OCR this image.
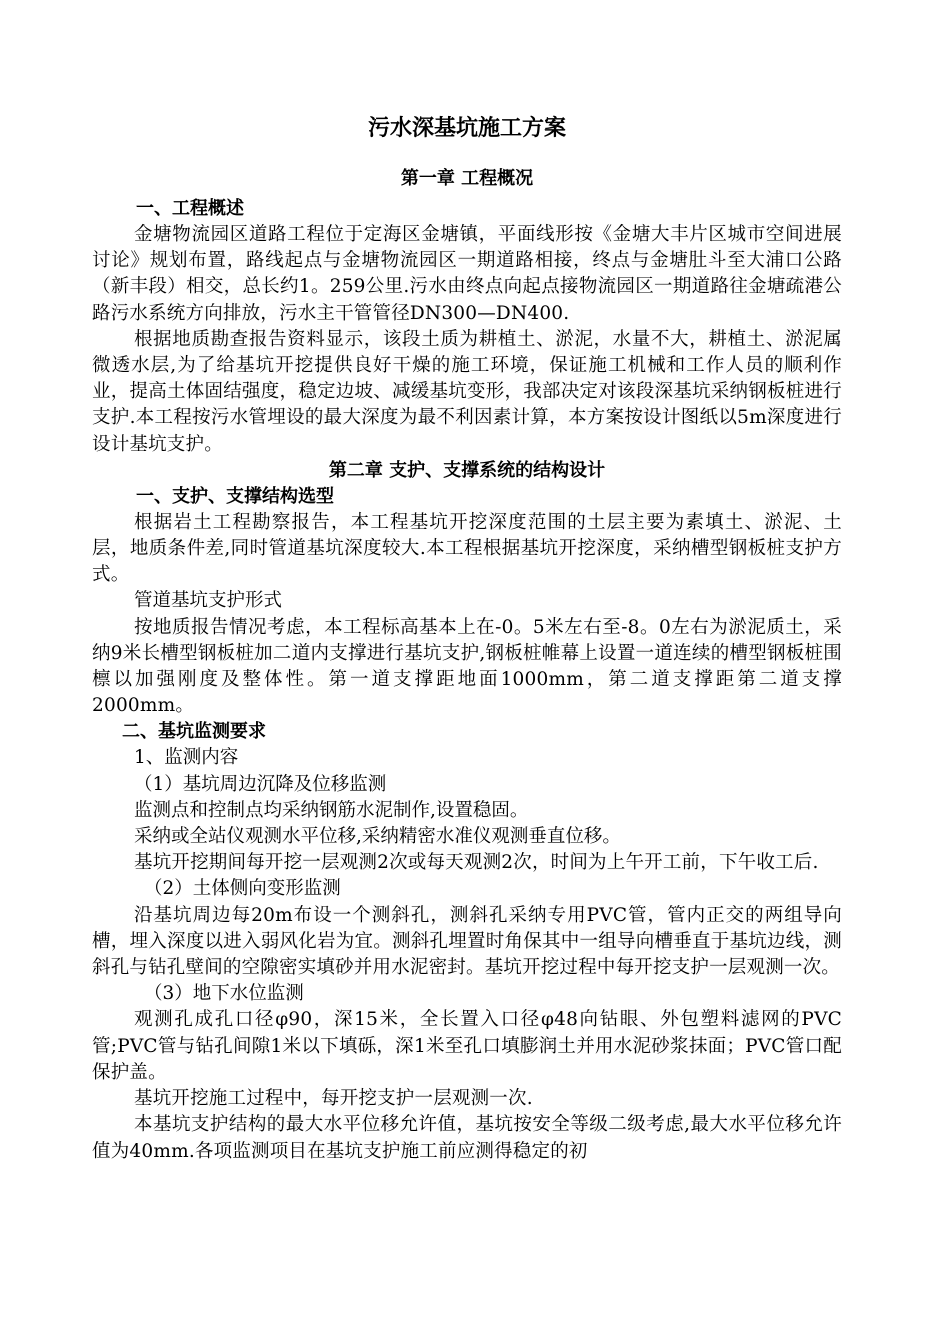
污水深基坑施工方案
第一章 工程概况
一、工程概述

金塘物流园区道路工程位于定海区金塘镇，平面线形按《金塘大丰片区城市空间进展讨论》规划布置，路线起点与金塘物流园区一期道路相接，终点与金塘肚斗至大浦口公路（新丰段）相交，总长约1。259公里.污水由终点向起点接物流园区一期道路往金塘疏港公路污水系统方向排放，污水主干管管径DN300—DN400.

根据地质勘查报告资料显示，该段土质为耕植土、淤泥，水量不大，耕植土、淤泥属微透水层,为了给基坑开挖提供良好干燥的施工环境，保证施工机械和工作人员的顺利作业，提高土体固结强度，稳定边坡、减缓基坑变形，我部决定对该段深基坑采纳钢板桩进行支护.本工程按污水管埋设的最大深度为最不利因素计算，本方案按设计图纸以5m深度进行设计基坑支护。

第二章 支护、支撑系统的结构设计
一、支护、支撑结构选型

根据岩土工程勘察报告，本工程基坑开挖深度范围的土层主要为素填土、淤泥、土层，地质条件差,同时管道基坑深度较大.本工程根据基坑开挖深度，采纳槽型钢板桩支护方式。

管道基坑支护形式

按地质报告情况考虑，本工程标高基本上在-0。5米左右至-8。0左右为淤泥质土，采纳9米长槽型钢板桩加二道内支撑进行基坑支护,钢板桩帷幕上设置一道连续的槽型钢板桩围檩以加强刚度及整体性。第一道支撑距地面1000mm，第二道支撑距第二道支撑2000mm。

二、基坑监测要求

1、监测内容

（1）基坑周边沉降及位移监测

监测点和控制点均采纳钢筋水泥制作,设置稳固。

采纳或全站仪观测水平位移,采纳精密水准仪观测垂直位移。

基坑开挖期间每开挖一层观测2次或每天观测2次，时间为上午开工前，下午收工后.

（2）土体侧向变形监测

沿基坑周边每20m布设一个测斜孔，测斜孔采纳专用PVC管，管内正交的两组导向槽，埋入深度以进入弱风化岩为宜。测斜孔埋置时角保其中一组导向槽垂直于基坑边线，测斜孔与钻孔壁间的空隙密实填砂并用水泥密封。基坑开挖过程中每开挖支护一层观测一次。

（3）地下水位监测

观测孔成孔口径φ90，深15米，全长置入口径φ48向钻眼、外包塑料滤网的PVC管;PVC管与钻孔间隙1米以下填砾，深1米至孔口填膨润土并用水泥砂浆抹面；PVC管口配保护盖。

基坑开挖施工过程中，每开挖支护一层观测一次.

本基坑支护结构的最大水平位移允许值，基坑按安全等级二级考虑,最大水平位移允许值为40mm.各项监测项目在基坑支护施工前应测得稳定的初
